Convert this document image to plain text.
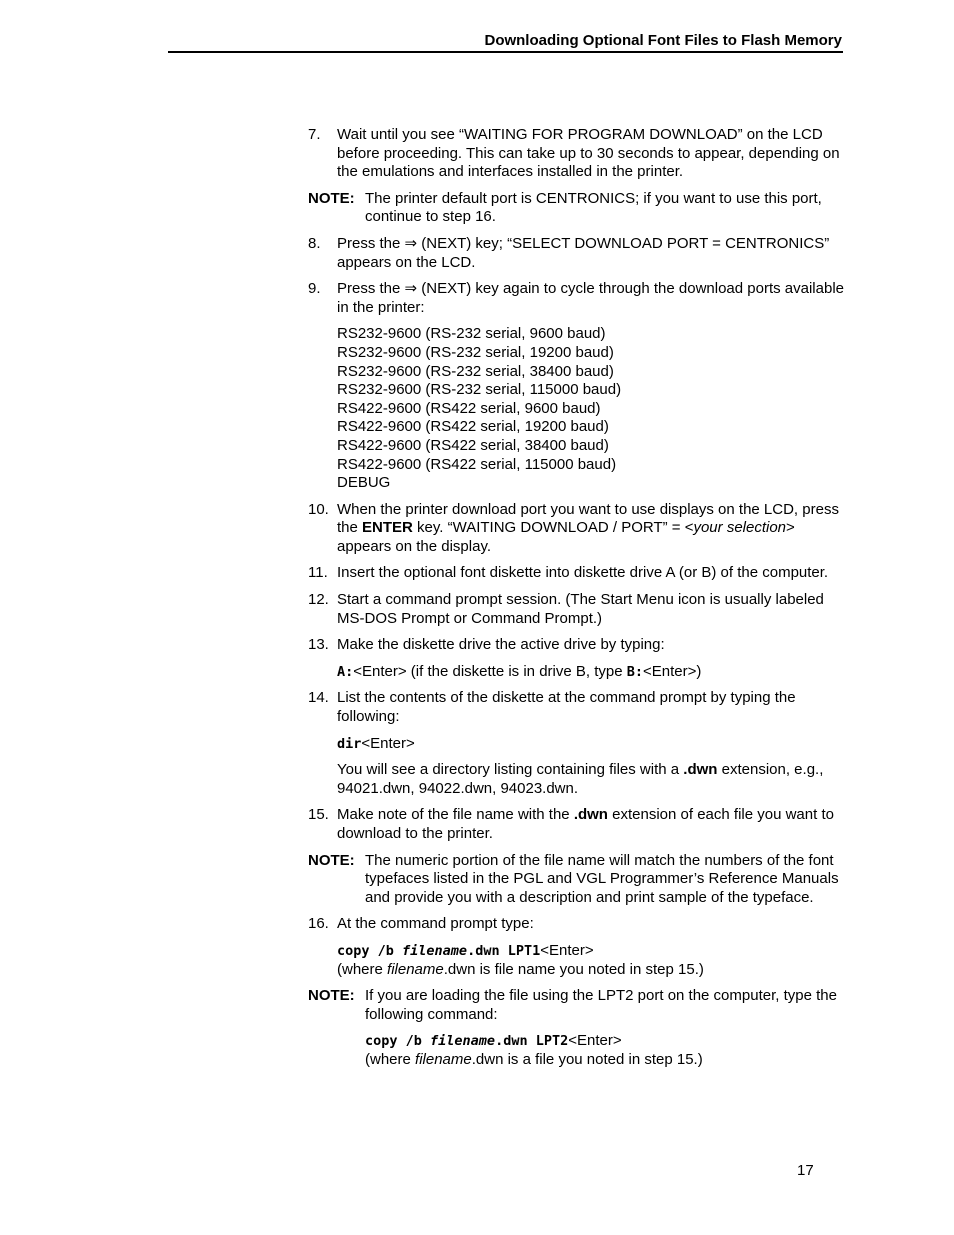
Downloading Optional Font Files to Flash Memory
7. Wait until you see “WAITING FOR PROGRAM DOWNLOAD” on the LCD before proceeding. This can take up to 30 seconds to appear, depending on the emulations and interfaces installed in the printer.
NOTE: The printer default port is CENTRONICS; if you want to use this port, continue to step 16.
8. Press the ⇒ (NEXT) key; “SELECT DOWNLOAD PORT = CENTRONICS” appears on the LCD.
9. Press the ⇒ (NEXT) key again to cycle through the download ports available in the printer:
RS232-9600 (RS-232 serial, 9600 baud)
RS232-9600 (RS-232 serial, 19200 baud)
RS232-9600 (RS-232 serial, 38400 baud)
RS232-9600 (RS-232 serial, 115000 baud)
RS422-9600 (RS422 serial, 9600 baud)
RS422-9600 (RS422 serial, 19200 baud)
RS422-9600 (RS422 serial, 38400 baud)
RS422-9600 (RS422 serial, 115000 baud)
DEBUG
10. When the printer download port you want to use displays on the LCD, press the ENTER key. “WAITING DOWNLOAD / PORT” = <your selection> appears on the display.
11. Insert the optional font diskette into diskette drive A (or B) of the computer.
12. Start a command prompt session. (The Start Menu icon is usually labeled MS-DOS Prompt or Command Prompt.)
13. Make the diskette drive the active drive by typing:
A:<Enter> (if the diskette is in drive B, type B:<Enter>)
14. List the contents of the diskette at the command prompt by typing the following:
dir<Enter>
You will see a directory listing containing files with a .dwn extension, e.g., 94021.dwn, 94022.dwn, 94023.dwn.
15. Make note of the file name with the .dwn extension of each file you want to download to the printer.
NOTE: The numeric portion of the file name will match the numbers of the font typefaces listed in the PGL and VGL Programmer’s Reference Manuals and provide you with a description and print sample of the typeface.
16. At the command prompt type:
copy /b filename.dwn LPT1<Enter>
(where filename.dwn is file name you noted in step 15.)
NOTE: If you are loading the file using the LPT2 port on the computer, type the following command:
copy /b filename.dwn LPT2<Enter>
(where filename.dwn is a file you noted in step 15.)
17
